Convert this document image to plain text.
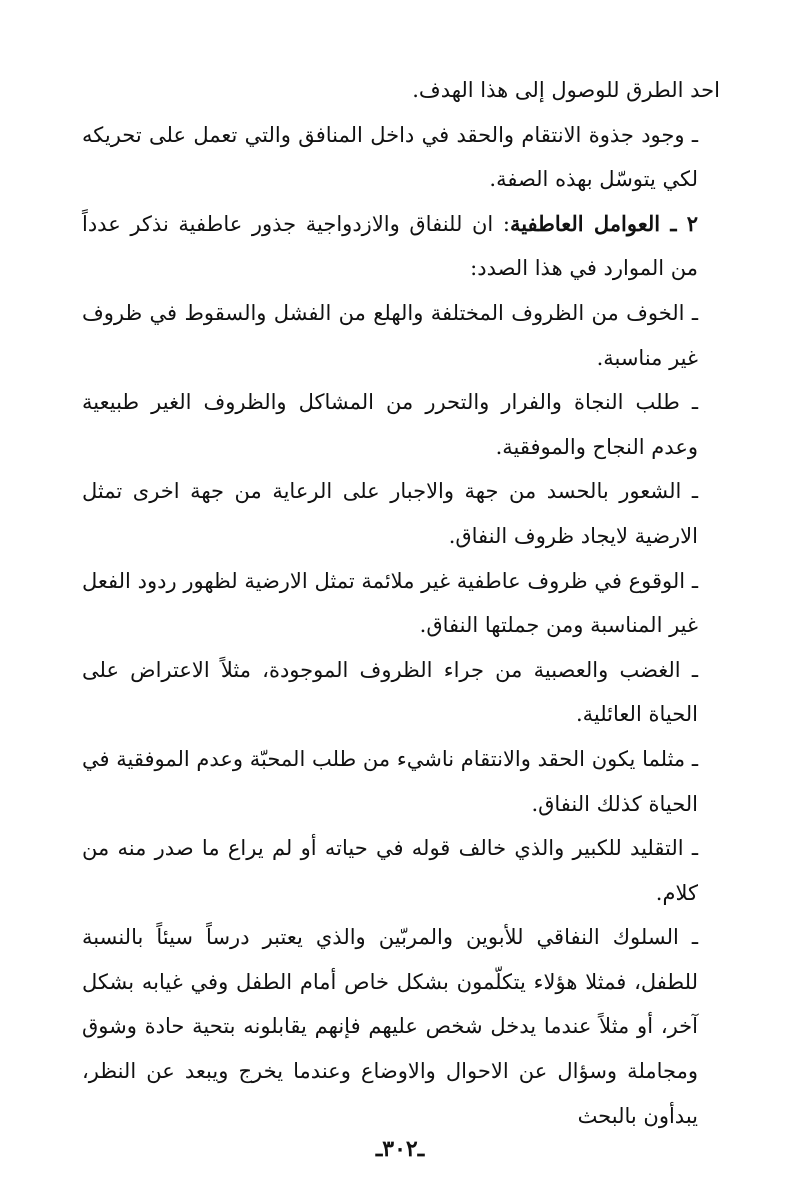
احد الطرق للوصول إلى هذا الهدف.

ـ وجود جذوة الانتقام والحقد في داخل المنافق والتي تعمل على تحريكه لكي يتوسّل بهذه الصفة.

٢ ـ العوامل العاطفية: ان للنفاق والازدواجية جذور عاطفية نذكر عدداً من الموارد في هذا الصدد:

ـ الخوف من الظروف المختلفة والهلع من الفشل والسقوط في ظروف غير مناسبة.

ـ طلب النجاة والفرار والتحرر من المشاكل والظروف الغير طبيعية وعدم النجاح والموفقية.

ـ الشعور بالحسد من جهة والاجبار على الرعاية من جهة اخرى تمثل الارضية لايجاد ظروف النفاق.

ـ الوقوع في ظروف عاطفية غير ملائمة تمثل الارضية لظهور ردود الفعل غير المناسبة ومن جملتها النفاق.

ـ الغضب والعصبية من جراء الظروف الموجودة، مثلاً الاعتراض على الحياة العائلية.

ـ مثلما يكون الحقد والانتقام ناشيء من طلب المحبّة وعدم الموفقية في الحياة كذلك النفاق.

ـ التقليد للكبير والذي خالف قوله في حياته أو لم يراع ما صدر منه من كلام.

ـ السلوك النفاقي للأبوين والمربّين والذي يعتبر درساً سيئاً بالنسبة للطفل، فمثلا هؤلاء يتكلّمون بشكل خاص أمام الطفل وفي غيابه بشكل آخر، أو مثلاً عندما يدخل شخص عليهم فإنهم يقابلونه بتحية حادة وشوق ومجاملة وسؤال عن الاحوال والاوضاع وعندما يخرج ويبعد عن النظر، يبدأون بالبحث

ـ٣٠٢ـ
